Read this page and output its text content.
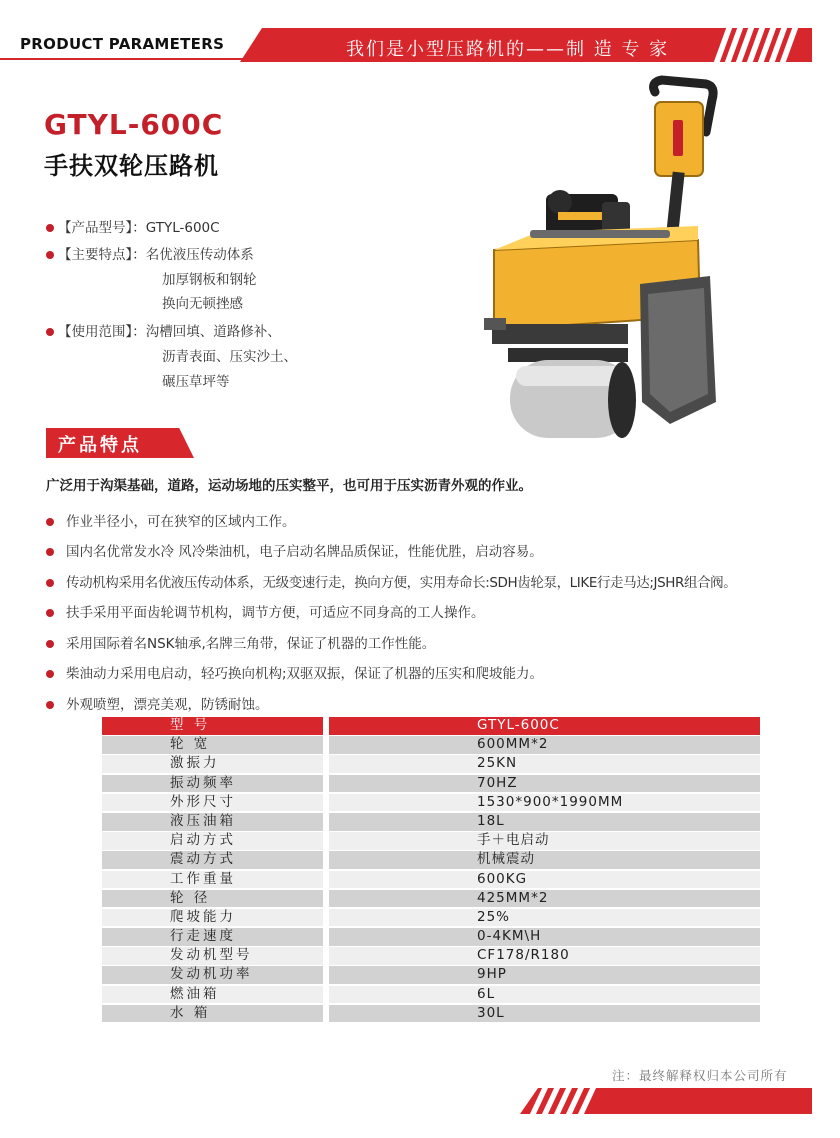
PRODUCT PARAMETERS	我们是小型压路机的——制 造 专 家
GTYL-600C
手扶双轮压路机
【产品型号】：GTYL-600C
【主要特点】：名优液压传动体系
加厚钢板和钢轮
换向无顿挫感
【使用范围】：沟槽回填、道路修补、
沥青表面、压实沙土、
碾压草坪等
产品特点
广泛用于沟渠基础，道路，运动场地的压实整平，也可用于压实沥青外观的作业。
作业半径小，可在狭窄的区域内工作。
国内名优常发水冷 风冷柴油机，电子启动名牌品质保证，性能优胜，启动容易。
传动机构采用名优液压传动体系，无级变速行走，换向方便，实用寿命长:SDH齿轮泵，LIKE行走马达;JSHR组合阀。
扶手采用平面齿轮调节机构，调节方便，可适应不同身高的工人操作。
采用国际着名NSK轴承,名牌三角带，保证了机器的工作性能。
柴油动力采用电启动，轻巧换向机构;双驱双振，保证了机器的压实和爬坡能力。
外观喷塑，漂亮美观，防锈耐蚀。
型 号	GTYL-600C
轮 宽	600MM*2
激振力	25KN
振动频率	70HZ
外形尺寸	1530*900*1990MM
液压油箱	18L
启动方式	手＋电启动
震动方式	机械震动
工作重量	600KG
轮 径	425MM*2
爬坡能力	25%
行走速度	0-4KM\H
发动机型号	CF178/R180
发动机功率	9HP
燃油箱	6L
水 箱	30L
注：最终解释权归本公司所有
